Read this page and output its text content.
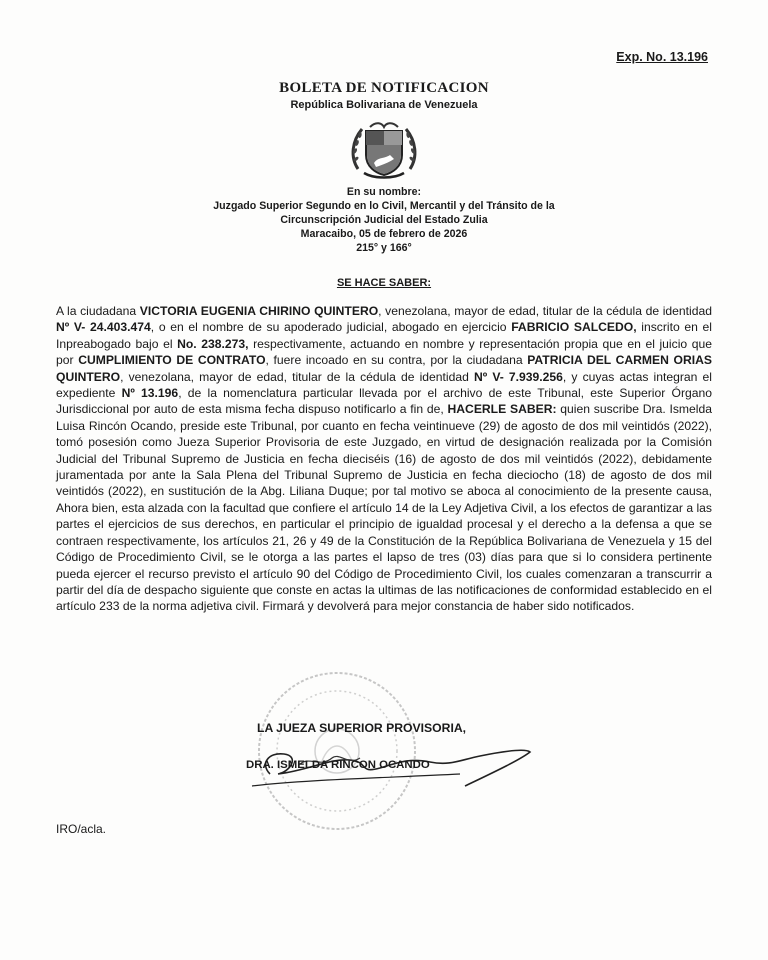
Exp. No. 13.196
BOLETA DE NOTIFICACION
República Bolivariana de Venezuela
En su nombre:
Juzgado Superior Segundo en lo Civil, Mercantil y del Tránsito de la
Circunscripción Judicial del Estado Zulia
Maracaibo, 05 de febrero de 2026
215° y 166°
SE HACE SABER:
A la ciudadana VICTORIA EUGENIA CHIRINO QUINTERO, venezolana, mayor de edad, titular de la cédula de identidad Nº V- 24.403.474, o en el nombre de su apoderado judicial, abogado en ejercicio FABRICIO SALCEDO, inscrito en el Inpreabogado bajo el No. 238.273, respectivamente, actuando en nombre y representación propia que en el juicio que por CUMPLIMIENTO DE CONTRATO, fuere incoado en su contra, por la ciudadana PATRICIA DEL CARMEN ORIAS QUINTERO, venezolana, mayor de edad, titular de la cédula de identidad Nº V- 7.939.256, y cuyas actas integran el expediente Nº 13.196, de la nomenclatura particular llevada por el archivo de este Tribunal, este Superior Órgano Jurisdiccional por auto de esta misma fecha dispuso notificarlo a fin de, HACERLE SABER: quien suscribe Dra. Ismelda Luisa Rincón Ocando, preside este Tribunal, por cuanto en fecha veintinueve (29) de agosto de dos mil veintidós (2022), tomó posesión como Jueza Superior Provisoria de este Juzgado, en virtud de designación realizada por la Comisión Judicial del Tribunal Supremo de Justicia en fecha dieciséis (16) de agosto de dos mil veintidós (2022), debidamente juramentada por ante la Sala Plena del Tribunal Supremo de Justicia en fecha dieciocho (18) de agosto de dos mil veintidós (2022), en sustitución de la Abg. Liliana Duque; por tal motivo se aboca al conocimiento de la presente causa, Ahora bien, esta alzada con la facultad que confiere el artículo 14 de la Ley Adjetiva Civil, a los efectos de garantizar a las partes el ejercicios de sus derechos, en particular el principio de igualdad procesal y el derecho a la defensa a que se contraen respectivamente, los artículos 21, 26 y 49 de la Constitución de la República Bolivariana de Venezuela y 15 del Código de Procedimiento Civil, se le otorga a las partes el lapso de tres (03) días para que si lo considera pertinente pueda ejercer el recurso previsto el artículo 90 del Código de Procedimiento Civil, los cuales comenzaran a transcurrir a partir del día de despacho siguiente que conste en actas la ultimas de las notificaciones de conformidad establecido en el artículo 233 de la norma adjetiva civil. Firmará y devolverá para mejor constancia de haber sido notificados.
LA JUEZA SUPERIOR PROVISORIA,
DRA. ISMELDA RINCON OCANDO
IRO/acla.
